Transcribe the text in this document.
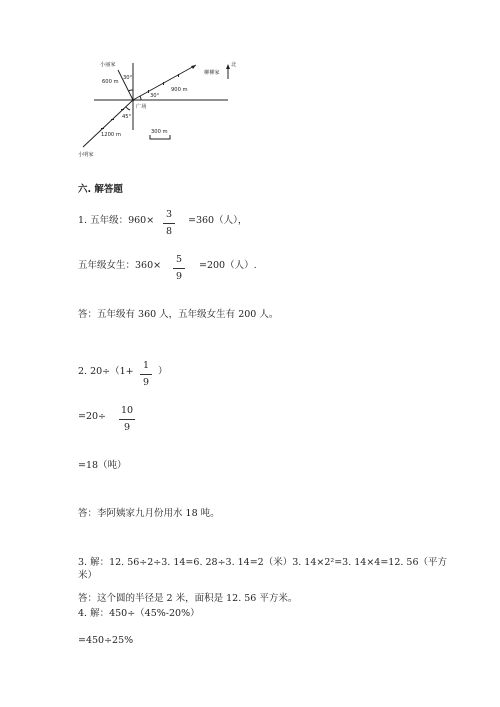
小丽家
柳柳家
小明家
广场
北
600 m
900 m
1200 m
30°
30°
45°
300 m
六. 解答题
1. 五年级：960×
3
8
=360（人），
五年级女生：360×
5
9
=200（人）.
答：五年级有 360 人，五年级女生有 200 人。
2. 20÷（1+
1
9
）
=20÷
10
9
=18（吨）
答：李阿姨家九月份用水 18 吨。
3. 解：12. 56÷2÷3. 14=6. 28÷3. 14=2（米）3. 14×2²=3. 14×4=12. 56（平方
米）
答：这个圆的半径是 2 米，面积是 12. 56 平方米。
4. 解：450÷（45%-20%）
=450÷25%
